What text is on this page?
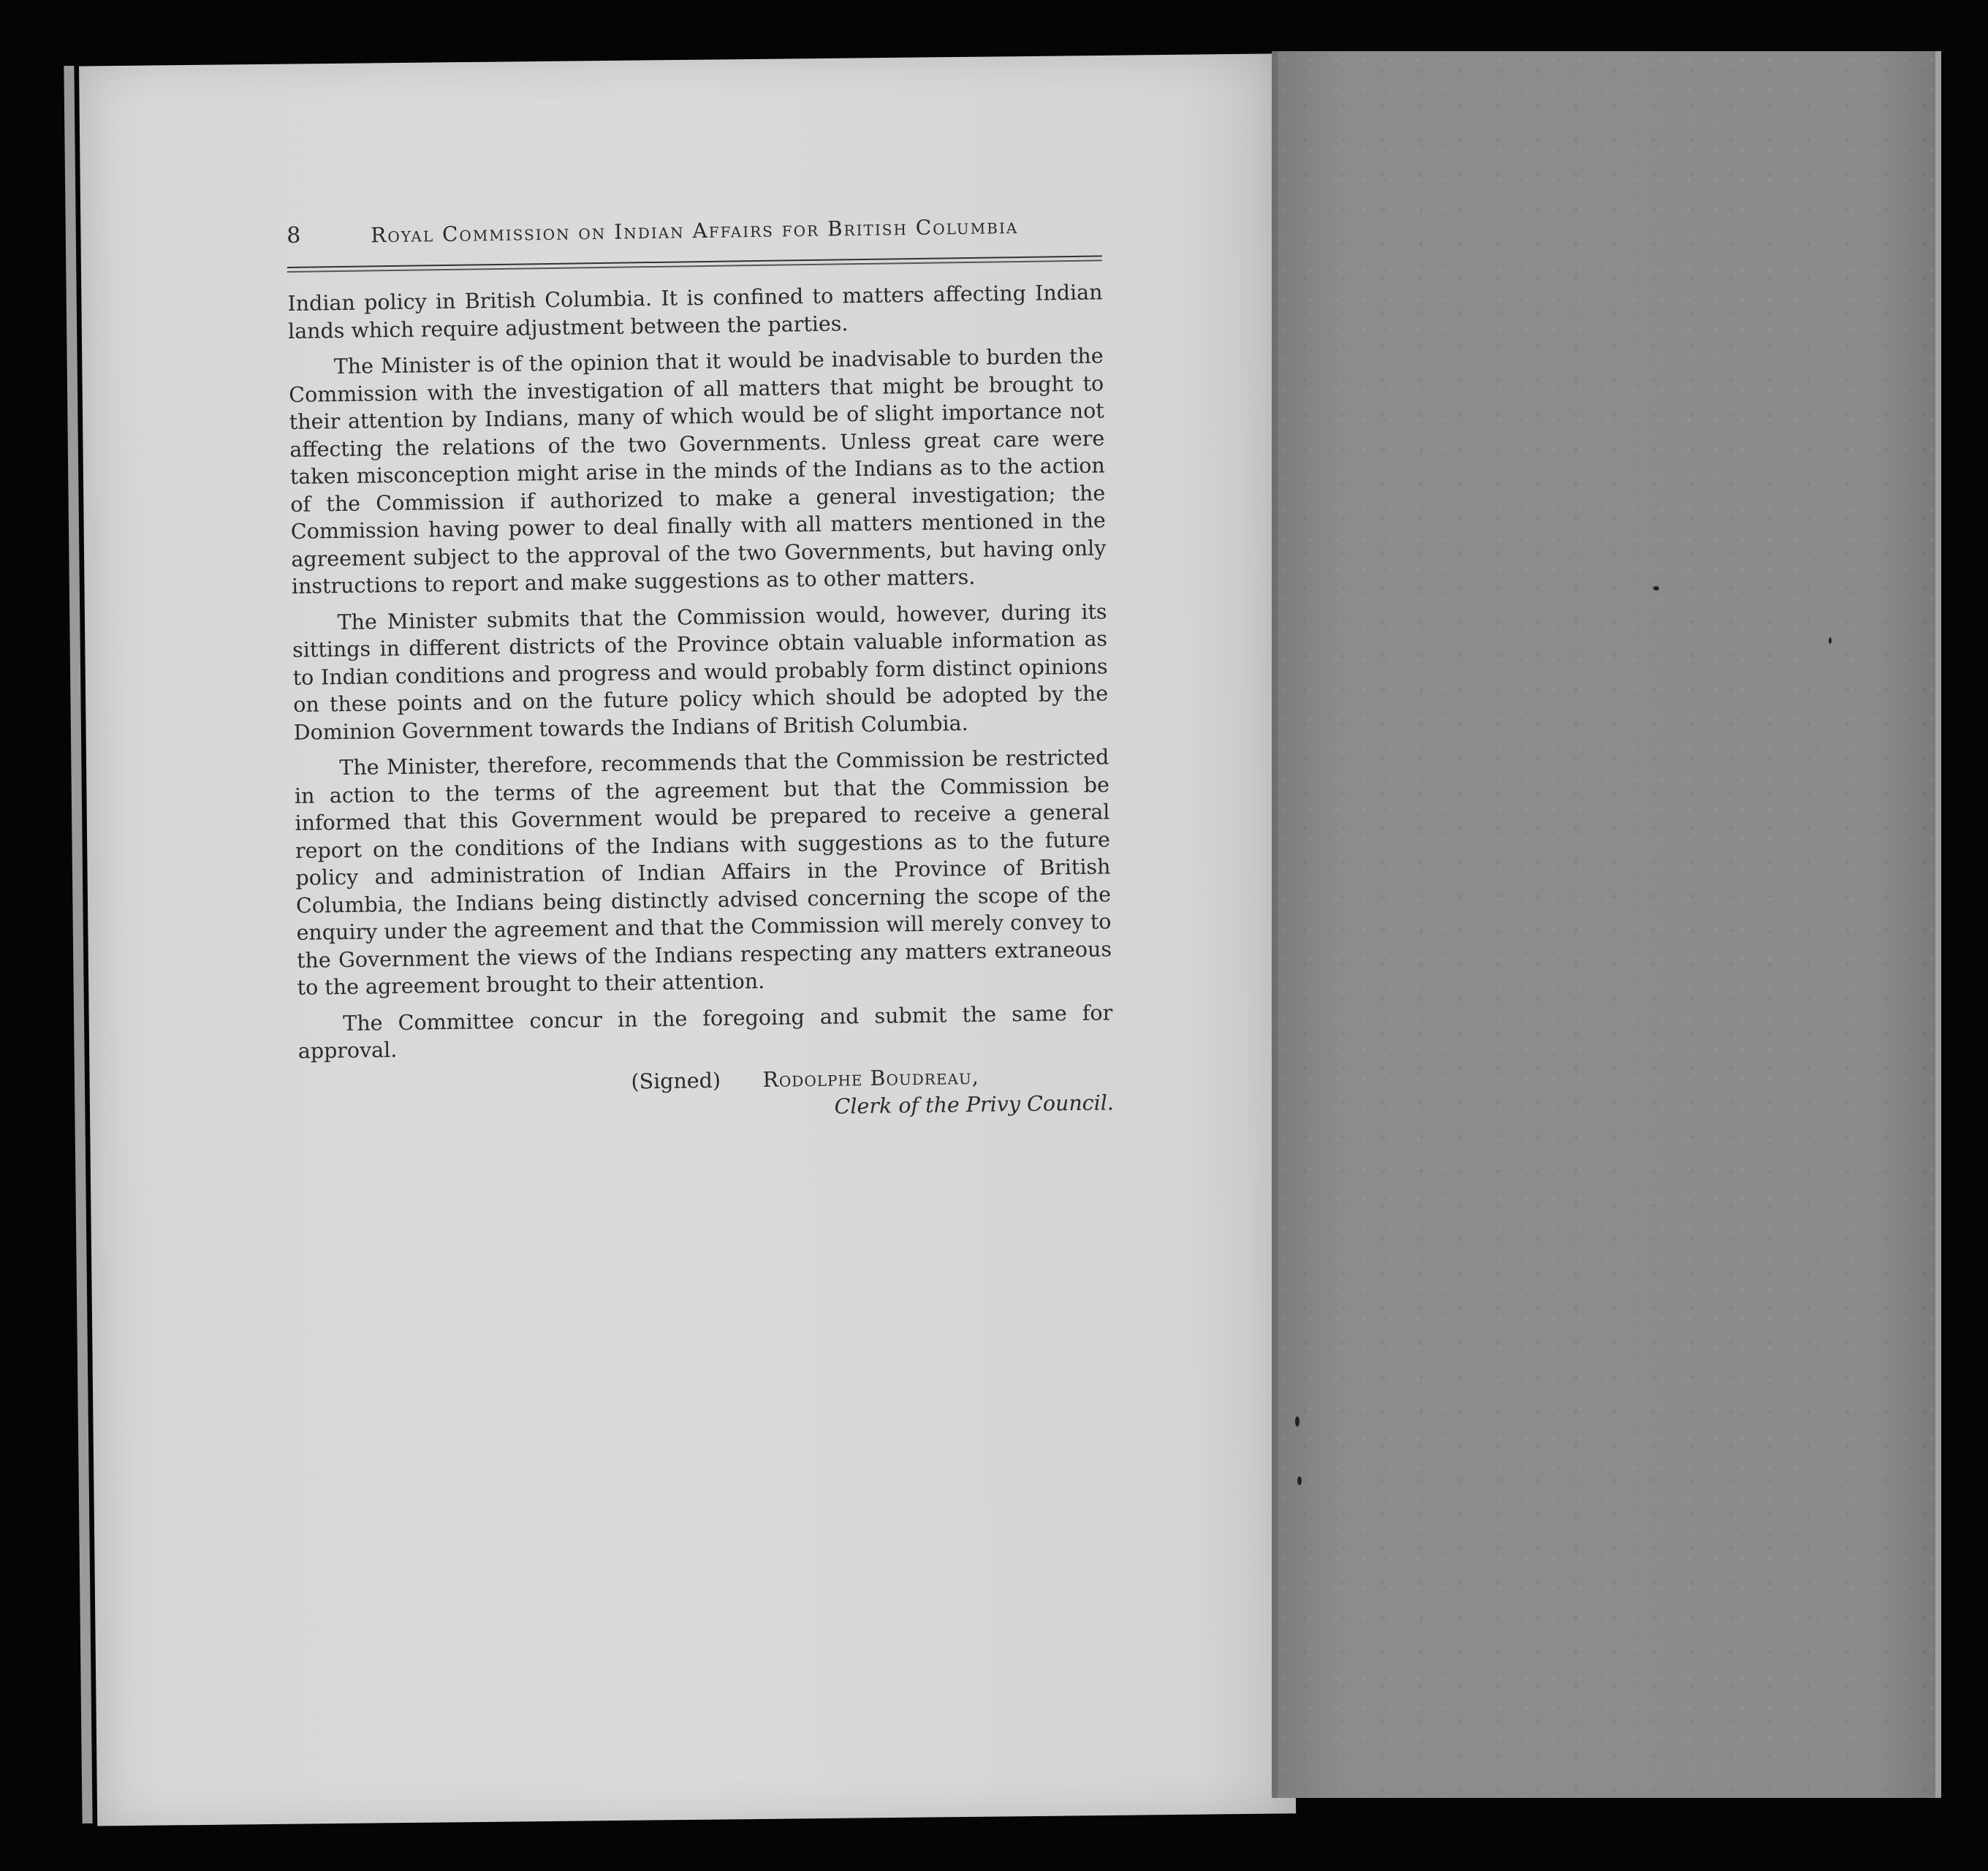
8	Royal Commission on Indian Affairs for British Columbia

Indian policy in British Columbia. It is confined to matters affecting Indian lands which require adjustment between the parties.

The Minister is of the opinion that it would be inadvisable to burden the Commission with the investigation of all matters that might be brought to their attention by Indians, many of which would be of slight importance not affecting the relations of the two Governments. Unless great care were taken misconception might arise in the minds of the Indians as to the action of the Commission if authorized to make a general investigation; the Commission having power to deal finally with all matters mentioned in the agreement subject to the approval of the two Governments, but having only instructions to report and make suggestions as to other matters.

The Minister submits that the Commission would, however, during its sittings in different districts of the Province obtain valuable information as to Indian conditions and progress and would probably form distinct opinions on these points and on the future policy which should be adopted by the Dominion Government towards the Indians of British Columbia.

The Minister, therefore, recommends that the Commission be restricted in action to the terms of the agreement but that the Commission be informed that this Government would be prepared to receive a general report on the conditions of the Indians with suggestions as to the future policy and administration of Indian Affairs in the Province of British Columbia, the Indians being distinctly advised concerning the scope of the enquiry under the agreement and that the Commission will merely convey to the Government the views of the Indians respecting any matters extraneous to the agreement brought to their attention.

The Committee concur in the foregoing and submit the same for approval.

(Signed) Rodolphe Boudreau,
Clerk of the Privy Council.
